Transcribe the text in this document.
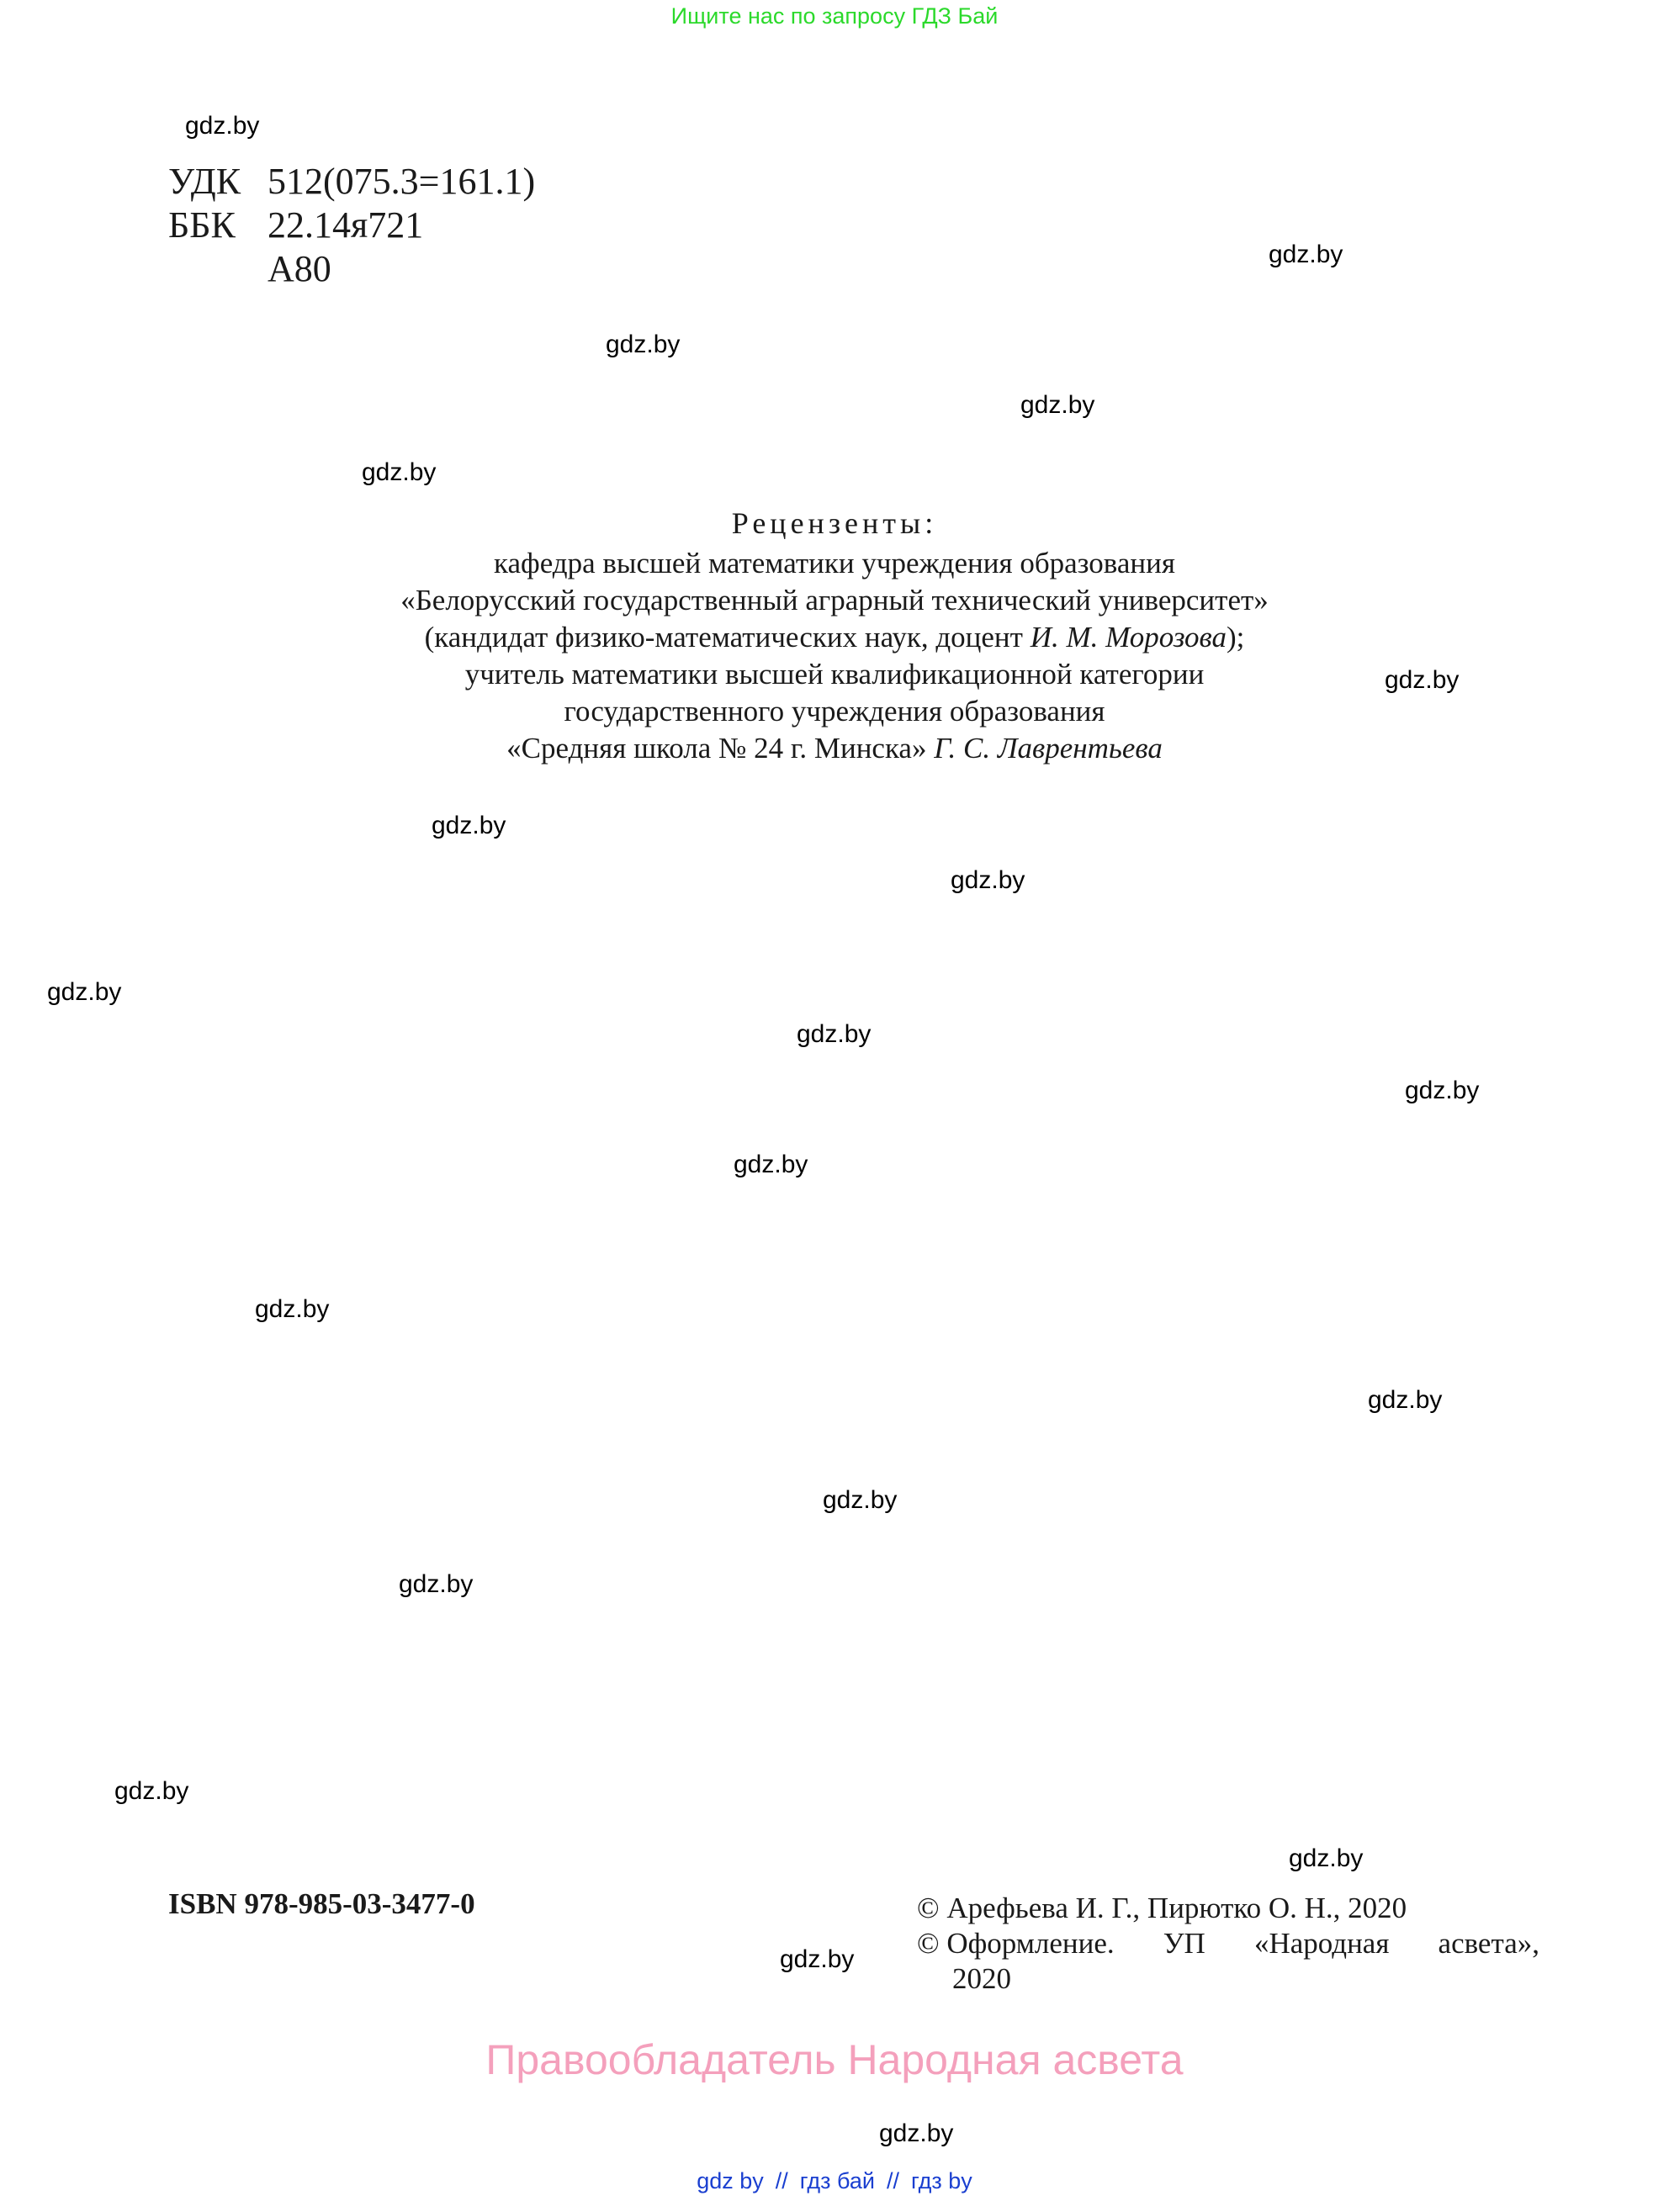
Ищите нас по запросу ГДЗ Бай
УДК 512(075.3=161.1)
ББК 22.14я721
А80
Рецензенты:
кафедра высшей математики учреждения образования
«Белорусский государственный аграрный технический университет»
(кандидат физико-математических наук, доцент И. М. Морозова);
учитель математики высшей квалификационной категории
государственного учреждения образования
«Средняя школа № 24 г. Минска» Г. С. Лаврентьева
ISBN 978-985-03-3477-0	© Арефьева И. Г., Пирютко О. Н., 2020
© Оформление. УП «Народная асвета»,
2020
Правообладатель Народная асвета
gdz.by
gdz.by
gdz.by
gdz.by
gdz.by
gdz.by
gdz.by
gdz.by
gdz.by
gdz.by
gdz.by
gdz.by
gdz.by
gdz.by
gdz.by
gdz.by
gdz.by
gdz.by
gdz.by
gdz.by
gdz by // гдз бай // гдз by
